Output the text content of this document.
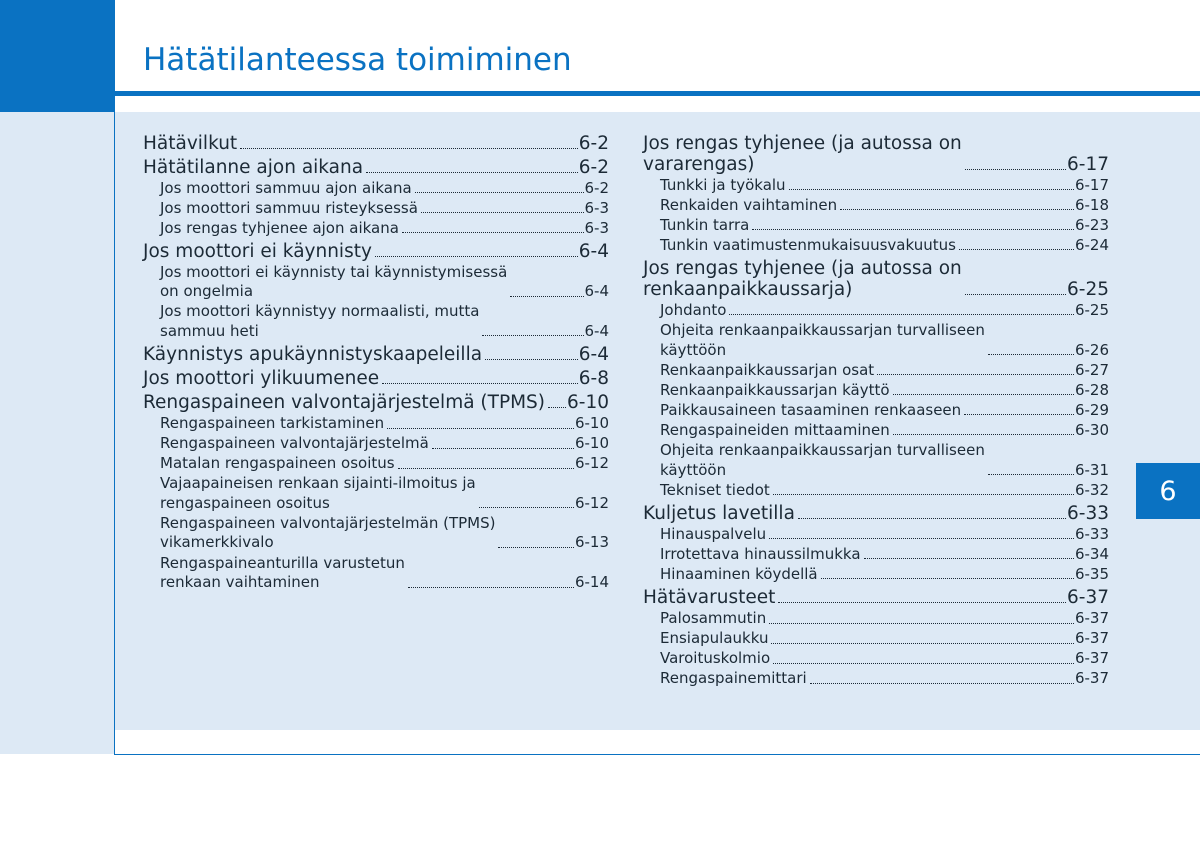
Hätätilanteessa toimiminen
6
Hätävilkut	6-2
Hätätilanne ajon aikana	6-2
Jos moottori sammuu ajon aikana	6-2
Jos moottori sammuu risteyksessä	6-3
Jos rengas tyhjenee ajon aikana	6-3
Jos moottori ei käynnisty	6-4
Jos moottori ei käynnisty tai käynnistymisessä
on ongelmia	6-4
Jos moottori käynnistyy normaalisti, mutta
sammuu heti	6-4
Käynnistys apukäynnistyskaapeleilla	6-4
Jos moottori ylikuumenee	6-8
Rengaspaineen valvontajärjestelmä (TPMS) 6-10
Rengaspaineen tarkistaminen	6-10
Rengaspaineen valvontajärjestelmä	6-10
Matalan rengaspaineen osoitus	6-12
Vajaapaineisen renkaan sijainti-ilmoitus ja
rengaspaineen osoitus	6-12
Rengaspaineen valvontajärjestelmän (TPMS)
vikamerkkivalo	6-13
Rengaspaineanturilla varustetun
renkaan vaihtaminen	6-14
Jos rengas tyhjenee (ja autossa on
vararengas)	6-17
Tunkki ja työkalu	6-17
Renkaiden vaihtaminen	6-18
Tunkin tarra	6-23
Tunkin vaatimustenmukaisuusvakuutus	6-24
Jos rengas tyhjenee (ja autossa on
renkaanpaikkaussarja)	6-25
Johdanto	6-25
Ohjeita renkaanpaikkaussarjan turvalliseen
käyttöön	6-26
Renkaanpaikkaussarjan osat	6-27
Renkaanpaikkaussarjan käyttö	6-28
Paikkausaineen tasaaminen renkaaseen	6-29
Rengaspaineiden mittaaminen	6-30
Ohjeita renkaanpaikkaussarjan turvalliseen
käyttöön	6-31
Tekniset tiedot	6-32
Kuljetus lavetilla	6-33
Hinauspalvelu	6-33
Irrotettava hinaussilmukka	6-34
Hinaaminen köydellä	6-35
Hätävarusteet	6-37
Palosammutin	6-37
Ensiapulaukku	6-37
Varoituskolmio	6-37
Rengaspainemittari	6-37
